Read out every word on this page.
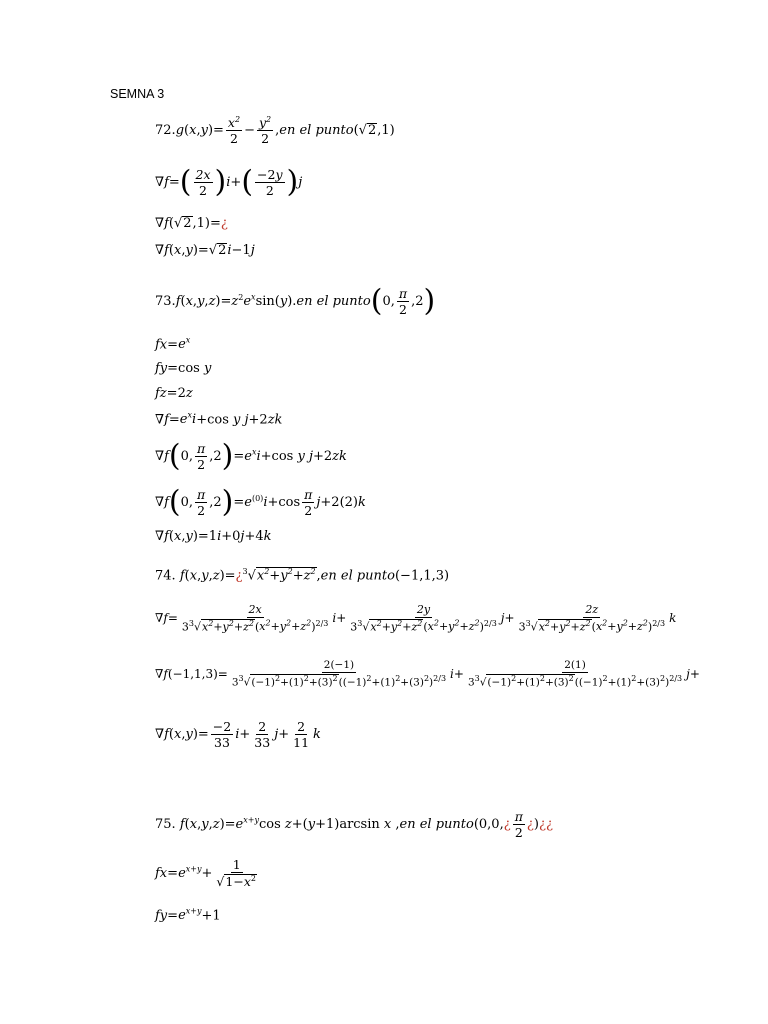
SEMNA 3
$72.g(x,y)= \frac{x^2}{2} - \frac{y^2}{2} ,en$ el punto(√2,1)
$\nabla f=( \frac{2x}{2} )i+( \frac{-2y}{2} )j$
∇f(√2,1)=¿
∇f(x,y)=√2i−1j
$73.f(x,y,z)=z^2e^x\sin(y).en$ el punto(0, $\frac{\pi}{2} ,2$)
$fx=e^x$
fy=cos y
fz=2z
$\nabla f=e^xi+\cos$ y j+2zk
∇f(0, $\frac{\pi}{2} ,2)=e^xi+\cos$ y j+2zk
∇f(0, $\frac{\pi}{2} ,2)=e^{(0)}i+\cos \frac{\pi}{2} j+2(2)k$
∇f(x,y)=1i+0j+4k
74. $f(x,y,z)=¿^3√x^2+y^2+z^2,en$ el punto(−1,1,3)
$\nabla f= \frac{2x}{3^3√x^2+y^2+z^2(x^2+y^2+z^2)^{2/3}} i+ \frac{2y}{3^3√x^2+y^2+z^2(x^2+y^2+z^2)^{2/3}} j+ \frac{2z}{3^3√x^2+y^2+z^2(x^2+y^2+z^2)^{2/3}}$ k
$\nabla f(-1,1,3)= \frac{2(-1)}{3^3√(-1)^2+(1)^2+(3)^2((-1)^2+(1)^2+(3)^2)^{2/3}} i+ \frac{2(1)}{3^3√(-1)^2+(1)^2+(3)^2((-1)^2+(1)^2+(3)^2)^{2/3}} j+$
$\nabla f(x,y)= \frac{-2}{33} i+ \frac{2}{33} j+ \frac{2}{11}$ k
75. $f(x,y,z)=e^{x+y}\cos$ z+(y+1)arcsin x ,en el punto(0,0,¿ $\frac{\pi}{2}$ ¿)¿¿
$fx=e^{x+y}+ \frac{1}{√1-x^2}$
$fy=e^{x+y}+1$
